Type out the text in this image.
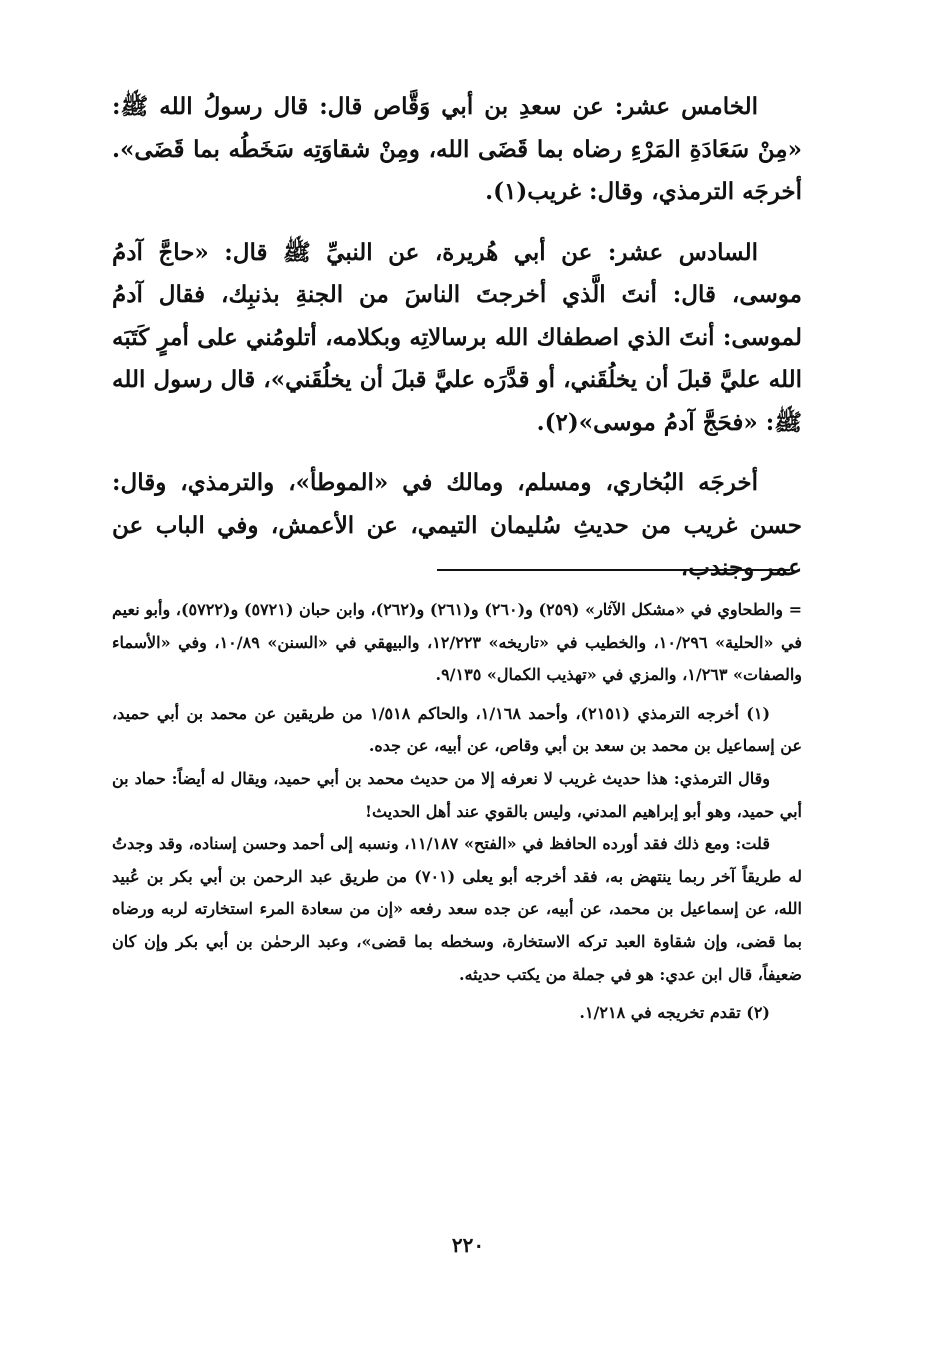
الخامس عشر: عن سعدِ بن أبي وَقَّاص قال: قال رسولُ الله ﷺ: «مِنْ سَعَادَةِ المَرْءِ رضاه بما قَضَى الله، ومِنْ شقاوَتِه سَخَطُه بما قَضَى». أخرجَه الترمذي، وقال: غريب(١).

السادس عشر: عن أبي هُريرة، عن النبيِّ ﷺ قال: «حاجَّ آدمُ موسى، قال: أنتَ الَّذي أخرجتَ الناسَ من الجنةِ بذنبِك، فقال آدمُ لموسى: أنتَ الذي اصطفاك الله برسالاتِه وبكلامه، أتلومُني على أمرٍ كَتَبَه الله عليَّ قبلَ أن يخلُقَني، أو قدَّرَه عليَّ قبلَ أن يخلُقَني»، قال رسول الله ﷺ: «فحَجَّ آدمُ موسى»(٢).

أخرجَه البُخاري، ومسلم، ومالك في «الموطأ»، والترمذي، وقال: حسن غريب من حديثِ سُليمان التيمي، عن الأعمش، وفي الباب عن عمر وجندب،

= والطحاوي في «مشكل الآثار» (٢٥٩) و(٢٦٠) و(٢٦١) و(٢٦٢)، وابن حبان (٥٧٢١) و(٥٧٢٢)، وأبو نعيم في «الحلية» ١٠/٢٩٦، والخطيب في «تاريخه» ١٢/٢٢٣، والبيهقي في «السنن» ١٠/٨٩، وفي «الأسماء والصفات» ١/٢٦٣، والمزي في «تهذيب الكمال» ٩/١٣٥.

(١) أخرجه الترمذي (٢١٥١)، وأحمد ١/١٦٨، والحاكم ١/٥١٨ من طريقين عن محمد بن أبي حميد، عن إسماعيل بن محمد بن سعد بن أبي وقاص، عن أبيه، عن جده.

وقال الترمذي: هذا حديث غريب لا نعرفه إلا من حديث محمد بن أبي حميد، ويقال له أيضاً: حماد بن أبي حميد، وهو أبو إبراهيم المدني، وليس بالقوي عند أهل الحديث!

قلت: ومع ذلك فقد أورده الحافظ في «الفتح» ١١/١٨٧، ونسبه إلى أحمد وحسن إسناده، وقد وجدتُ له طريقاً آخر ربما ينتهض به، فقد أخرجه أبو يعلى (٧٠١) من طريق عبد الرحمن بن أبي بكر بن عُبيد الله، عن إسماعيل بن محمد، عن أبيه، عن جده سعد رفعه «إن من سعادة المرء استخارته لربه ورضاه بما قضى، وإن شقاوة العبد تركه الاستخارة، وسخطه بما قضى»، وعبد الرحمٰن بن أبي بكر وإن كان ضعيفاً، قال ابن عدي: هو في جملة من يكتب حديثه.

(٢) تقدم تخريجه في ١/٢١٨.

٢٢٠
